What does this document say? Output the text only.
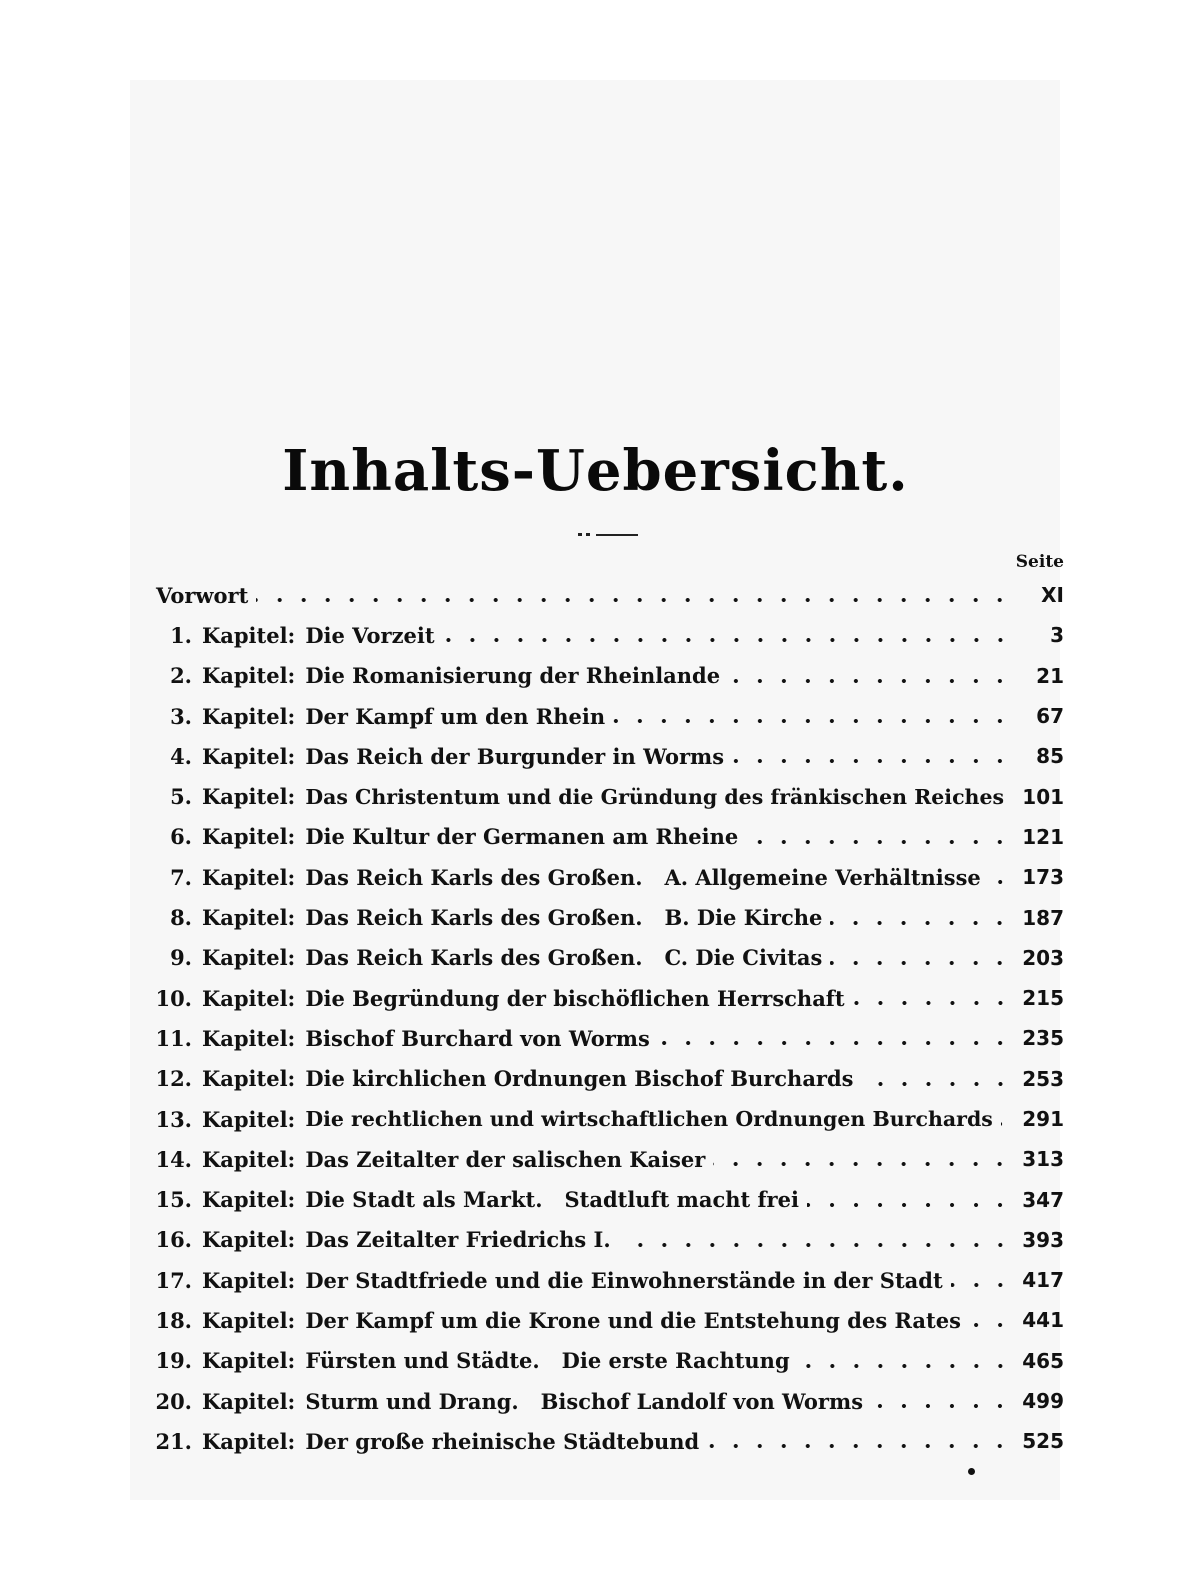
Inhalts-Uebersicht.
Seite
Vorwort	XI
1. Kapitel: Die Vorzeit	3
2. Kapitel: Die Romanisierung der Rheinlande	21
3. Kapitel: Der Kampf um den Rhein	67
4. Kapitel: Das Reich der Burgunder in Worms	85
5. Kapitel: Das Christentum und die Gründung des fränkischen Reiches 101
6. Kapitel: Die Kultur der Germanen am Rheine	121
7. Kapitel: Das Reich Karls des Großen.   A. Allgemeine Verhältnisse 173
8. Kapitel: Das Reich Karls des Großen.   B. Die Kirche	187
9. Kapitel: Das Reich Karls des Großen.   C. Die Civitas	203
10. Kapitel: Die Begründung der bischöflichen Herrschaft	215
11. Kapitel: Bischof Burchard von Worms	235
12. Kapitel: Die kirchlichen Ordnungen Bischof Burchards	253
13. Kapitel: Die rechtlichen und wirtschaftlichen Ordnungen Burchards 291
14. Kapitel: Das Zeitalter der salischen Kaiser	313
15. Kapitel: Die Stadt als Markt.   Stadtluft macht frei	347
16. Kapitel: Das Zeitalter Friedrichs I.	393
17. Kapitel: Der Stadtfriede und die Einwohnerstände in der Stadt	417
18. Kapitel: Der Kampf um die Krone und die Entstehung des Rates	441
19. Kapitel: Fürsten und Städte.   Die erste Rachtung	465
20. Kapitel: Sturm und Drang.   Bischof Landolf von Worms	499
21. Kapitel: Der große rheinische Städtebund	525
